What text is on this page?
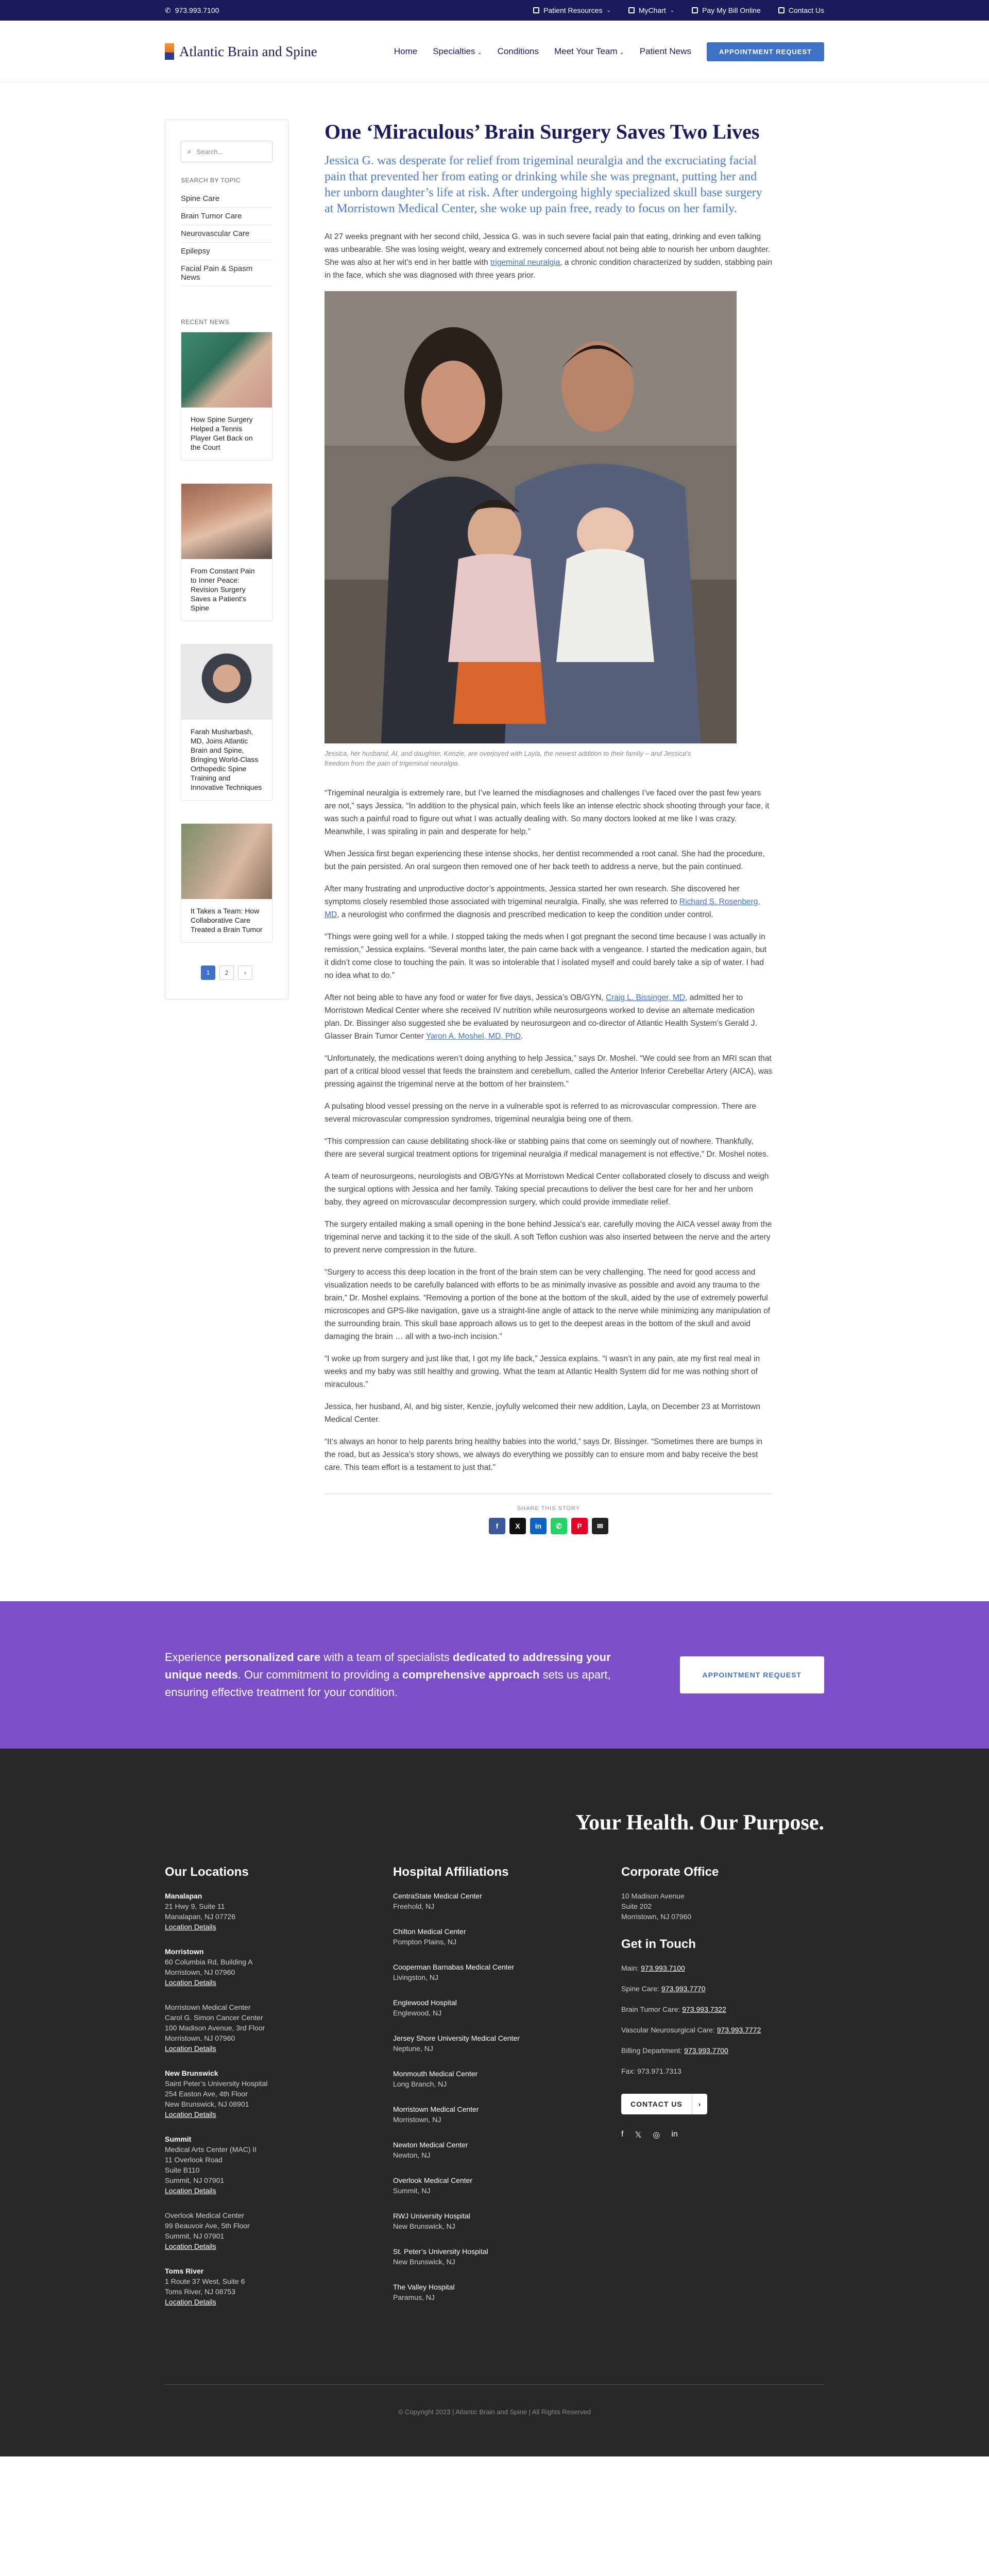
✆ 973.993.7100	Patient Resources ⌄	MyChart ⌄	Pay My Bill Online	Contact Us
Atlantic Brain and Spine	Home Specialties ⌄ Conditions Meet Your Team ⌄ Patient News	APPOINTMENT REQUEST
⌕ Search...
SEARCH BY TOPIC
Spine Care
Brain Tumor Care
Neurovascular Care
Epilepsy
Facial Pain & Spasm News
RECENT NEWS
How Spine Surgery Helped a Tennis Player Get Back on the Court
From Constant Pain to Inner Peace: Revision Surgery Saves a Patient's Spine
Farah Musharbash, MD, Joins Atlantic Brain and Spine, Bringing World-Class Orthopedic Spine Training and Innovative Techniques
It Takes a Team: How Collaborative Care Treated a Brain Tumor
1	2	›
One ‘Miraculous’ Brain Surgery Saves Two Lives
Jessica G. was desperate for relief from trigeminal neuralgia and the excruciating facial pain that prevented her from eating or drinking while she was pregnant, putting her and her unborn daughter’s life at risk. After undergoing highly specialized skull base surgery at Morristown Medical Center, she woke up pain free, ready to focus on her family.

At 27 weeks pregnant with her second child, Jessica G. was in such severe facial pain that eating, drinking and even talking was unbearable. She was losing weight, weary and extremely concerned about not being able to nourish her unborn daughter. She was also at her wit’s end in her battle with trigeminal neuralgia, a chronic condition characterized by sudden, stabbing pain in the face, which she was diagnosed with three years prior.

Jessica, her husband, Al, and daughter, Kenzie, are overjoyed with Layla, the newest addition to their family – and Jessica’s freedom from the pain of trigeminal neuralgia.

“Trigeminal neuralgia is extremely rare, but I’ve learned the misdiagnoses and challenges I’ve faced over the past few years are not,” says Jessica. “In addition to the physical pain, which feels like an intense electric shock shooting through your face, it was such a painful road to figure out what I was actually dealing with. So many doctors looked at me like I was crazy. Meanwhile, I was spiraling in pain and desperate for help.”

When Jessica first began experiencing these intense shocks, her dentist recommended a root canal. She had the procedure, but the pain persisted. An oral surgeon then removed one of her back teeth to address a nerve, but the pain continued.

After many frustrating and unproductive doctor’s appointments, Jessica started her own research. She discovered her symptoms closely resembled those associated with trigeminal neuralgia. Finally, she was referred to Richard S. Rosenberg, MD, a neurologist who confirmed the diagnosis and prescribed medication to keep the condition under control.

“Things were going well for a while. I stopped taking the meds when I got pregnant the second time because I was actually in remission,” Jessica explains. “Several months later, the pain came back with a vengeance. I started the medication again, but it didn’t come close to touching the pain. It was so intolerable that I isolated myself and could barely take a sip of water. I had no idea what to do.”

After not being able to have any food or water for five days, Jessica’s OB/GYN, Craig L. Bissinger, MD, admitted her to Morristown Medical Center where she received IV nutrition while neurosurgeons worked to devise an alternate medication plan. Dr. Bissinger also suggested she be evaluated by neurosurgeon and co-director of Atlantic Health System’s Gerald J. Glasser Brain Tumor Center Yaron A. Moshel, MD, PhD.

“Unfortunately, the medications weren’t doing anything to help Jessica,” says Dr. Moshel. “We could see from an MRI scan that part of a critical blood vessel that feeds the brainstem and cerebellum, called the Anterior Inferior Cerebellar Artery (AICA), was pressing against the trigeminal nerve at the bottom of her brainstem.”

A pulsating blood vessel pressing on the nerve in a vulnerable spot is referred to as microvascular compression. There are several microvascular compression syndromes, trigeminal neuralgia being one of them.

“This compression can cause debilitating shock-like or stabbing pains that come on seemingly out of nowhere. Thankfully, there are several surgical treatment options for trigeminal neuralgia if medical management is not effective,” Dr. Moshel notes.

A team of neurosurgeons, neurologists and OB/GYNs at Morristown Medical Center collaborated closely to discuss and weigh the surgical options with Jessica and her family. Taking special precautions to deliver the best care for her and her unborn baby, they agreed on microvascular decompression surgery, which could provide immediate relief.

The surgery entailed making a small opening in the bone behind Jessica’s ear, carefully moving the AICA vessel away from the trigeminal nerve and tacking it to the side of the skull. A soft Teflon cushion was also inserted between the nerve and the artery to prevent nerve compression in the future.

“Surgery to access this deep location in the front of the brain stem can be very challenging. The need for good access and visualization needs to be carefully balanced with efforts to be as minimally invasive as possible and avoid any trauma to the brain,” Dr. Moshel explains. “Removing a portion of the bone at the bottom of the skull, aided by the use of extremely powerful microscopes and GPS-like navigation, gave us a straight-line angle of attack to the nerve while minimizing any manipulation of the surrounding brain. This skull base approach allows us to get to the deepest areas in the bottom of the skull and avoid damaging the brain … all with a two-inch incision.”

“I woke up from surgery and just like that, I got my life back,” Jessica explains. “I wasn’t in any pain, ate my first real meal in weeks and my baby was still healthy and growing. What the team at Atlantic Health System did for me was nothing short of miraculous.”

Jessica, her husband, Al, and big sister, Kenzie, joyfully welcomed their new addition, Layla, on December 23 at Morristown Medical Center.

“It’s always an honor to help parents bring healthy babies into the world,” says Dr. Bissinger. “Sometimes there are bumps in the road, but as Jessica’s story shows, we always do everything we possibly can to ensure mom and baby receive the best care. This team effort is a testament to just that.”

SHARE THIS STORY
f	X	in	✆	P	✉
Experience personalized care with a team of specialists dedicated to addressing your unique needs. Our commitment to providing a comprehensive approach sets us apart, ensuring effective treatment for your condition.
APPOINTMENT REQUEST
Your Health. Our Purpose.
Our Locations
Manalapan
21 Hwy 9, Suite 11
Manalapan, NJ 07726

Location Details
Morristown
60 Columbia Rd, Building A
Morristown, NJ 07960

Location Details
Morristown Medical Center
Carol G. Simon Cancer Center
100 Madison Avenue, 3rd Floor
Morristown, NJ 07960

Location Details
New Brunswick
Saint Peter’s University Hospital
254 Easton Ave, 4th Floor
New Brunswick, NJ 08901

Location Details
Summit
Medical Arts Center (MAC) II
11 Overlook Road
Suite B110
Summit, NJ 07901

Location Details
Overlook Medical Center
99 Beauvoir Ave, 5th Floor
Summit, NJ 07901

Location Details
Toms River
1 Route 37 West, Suite 6
Toms River, NJ 08753

Location Details
Hospital Affiliations
CentraState Medical Center
Freehold, NJ
Chilton Medical Center
Pompton Plains, NJ
Cooperman Barnabas Medical Center
Livingston, NJ
Englewood Hospital
Englewood, NJ
Jersey Shore University Medical Center
Neptune, NJ
Monmouth Medical Center
Long Branch, NJ
Morristown Medical Center
Morristown, NJ
Newton Medical Center
Newton, NJ
Overlook Medical Center
Summit, NJ
RWJ University Hospital
New Brunswick, NJ
St. Peter’s University Hospital
New Brunswick, NJ
The Valley Hospital
Paramus, NJ
Corporate Office
10 Madison Avenue
Suite 202
Morristown, NJ 07960
Get in Touch
Main: 973.993.7100
Spine Care: 973.993.7770
Brain Tumor Care: 973.993.7322
Vascular Neurosurgical Care: 973.993.7772
Billing Department: 973.993.7700
Fax: 973.971.7313
CONTACT US	›
f 𝕏 ◎ in
© Copyright 2023 | Atlantic Brain and Spine | All Rights Reserved
